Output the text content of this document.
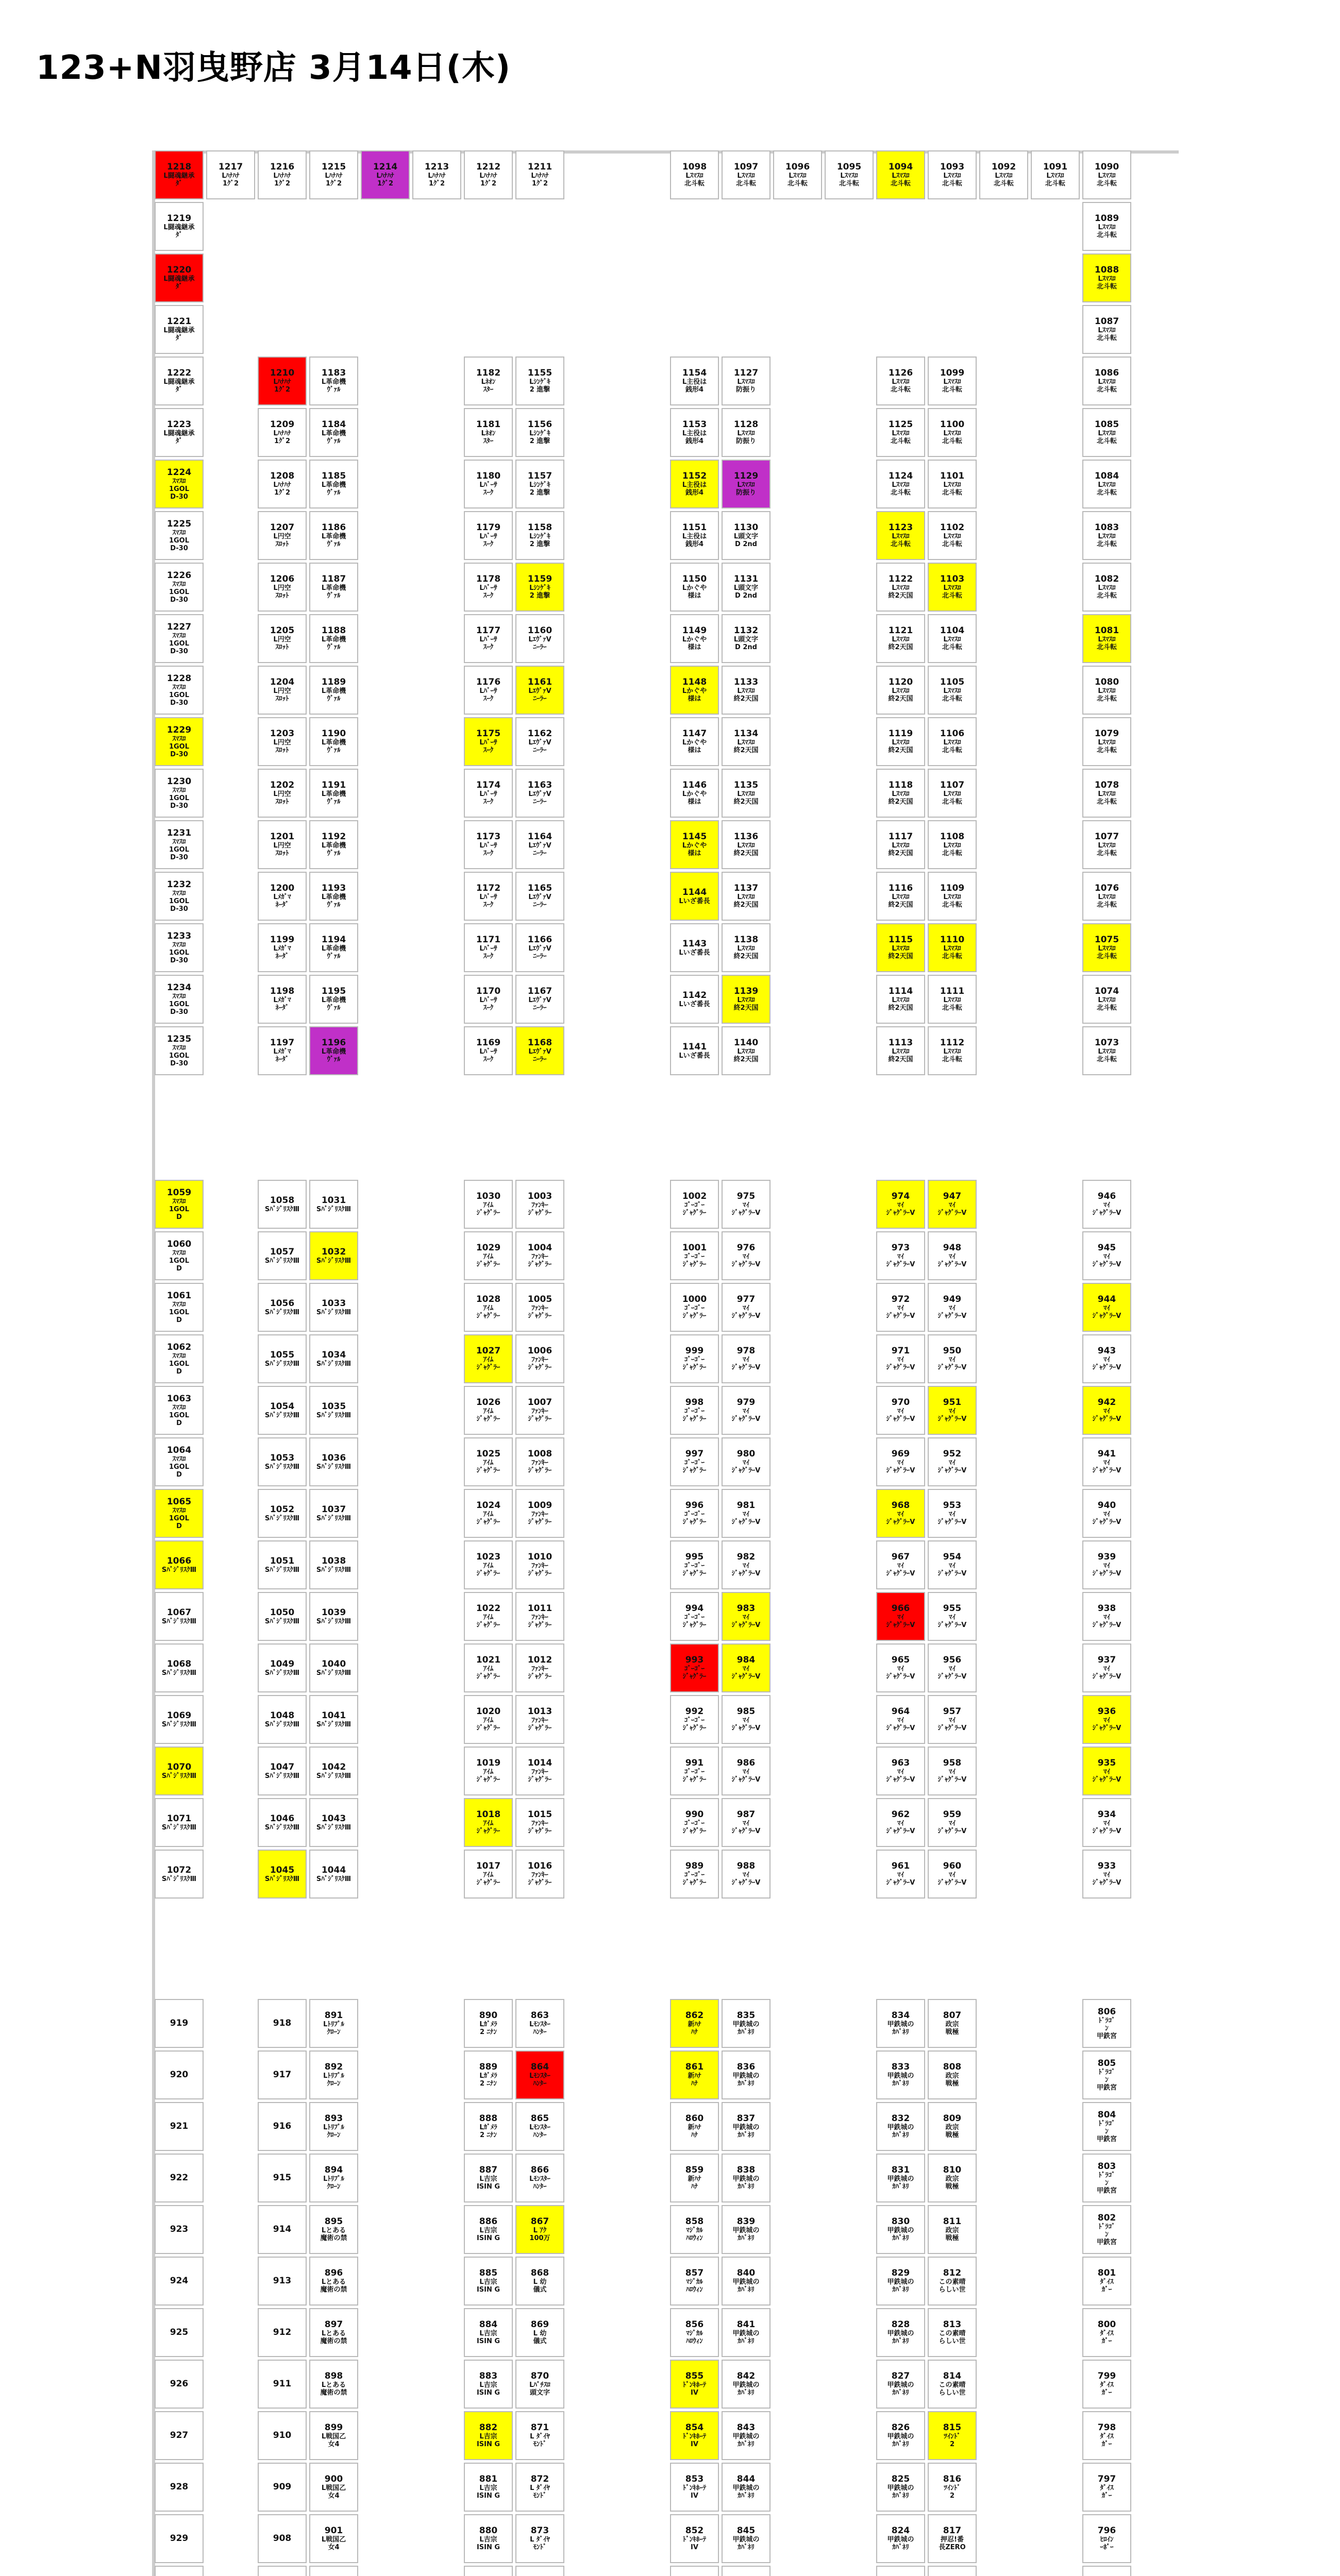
123+N羽曳野店 3月14日(木)
1217
Lﾊﾅﾊﾅ
1ｸﾞ2
1216
Lﾊﾅﾊﾅ
1ｸﾞ2
1215
Lﾊﾅﾊﾅ
1ｸﾞ2
1214
Lﾊﾅﾊﾅ
1ｸﾞ2
1213
Lﾊﾅﾊﾅ
1ｸﾞ2
1212
Lﾊﾅﾊﾅ
1ｸﾞ2
1211
Lﾊﾅﾊﾅ
1ｸﾞ2
1098
Lｽﾏｽﾛ
北斗転
1097
Lｽﾏｽﾛ
北斗転
1096
Lｽﾏｽﾛ
北斗転
1095
Lｽﾏｽﾛ
北斗転
1094
Lｽﾏｽﾛ
北斗転
1093
Lｽﾏｽﾛ
北斗転
1092
Lｽﾏｽﾛ
北斗転
1091
Lｽﾏｽﾛ
北斗転
1090
Lｽﾏｽﾛ
北斗転
1089
Lｽﾏｽﾛ
北斗転
1088
Lｽﾏｽﾛ
北斗転
1087
Lｽﾏｽﾛ
北斗転
1086
Lｽﾏｽﾛ
北斗転
1085
Lｽﾏｽﾛ
北斗転
1084
Lｽﾏｽﾛ
北斗転
1083
Lｽﾏｽﾛ
北斗転
1082
Lｽﾏｽﾛ
北斗転
1081
Lｽﾏｽﾛ
北斗転
1080
Lｽﾏｽﾛ
北斗転
1079
Lｽﾏｽﾛ
北斗転
1078
Lｽﾏｽﾛ
北斗転
1077
Lｽﾏｽﾛ
北斗転
1076
Lｽﾏｽﾛ
北斗転
1075
Lｽﾏｽﾛ
北斗転
1074
Lｽﾏｽﾛ
北斗転
1073
Lｽﾏｽﾛ
北斗転
1218
L闘魂継承
ﾀﾞ
1219
L闘魂継承
ﾀﾞ
1220
L闘魂継承
ﾀﾞ
1221
L闘魂継承
ﾀﾞ
1222
L闘魂継承
ﾀﾞ
1223
L闘魂継承
ﾀﾞ
1224
ｽﾏｽﾛ
1GOL
D-30
1225
ｽﾏｽﾛ
1GOL
D-30
1226
ｽﾏｽﾛ
1GOL
D-30
1227
ｽﾏｽﾛ
1GOL
D-30
1228
ｽﾏｽﾛ
1GOL
D-30
1229
ｽﾏｽﾛ
1GOL
D-30
1230
ｽﾏｽﾛ
1GOL
D-30
1231
ｽﾏｽﾛ
1GOL
D-30
1232
ｽﾏｽﾛ
1GOL
D-30
1233
ｽﾏｽﾛ
1GOL
D-30
1234
ｽﾏｽﾛ
1GOL
D-30
1235
ｽﾏｽﾛ
1GOL
D-30
1210
Lﾊﾅﾊﾅ
1ｸﾞ2
1209
Lﾊﾅﾊﾅ
1ｸﾞ2
1208
Lﾊﾅﾊﾅ
1ｸﾞ2
1207
L円空
ｽﾛｯﾄ
1206
L円空
ｽﾛｯﾄ
1205
L円空
ｽﾛｯﾄ
1204
L円空
ｽﾛｯﾄ
1203
L円空
ｽﾛｯﾄ
1202
L円空
ｽﾛｯﾄ
1201
L円空
ｽﾛｯﾄ
1200
Lﾒｶﾞﾏ
ﾈｰﾀﾞ
1199
Lﾒｶﾞﾏ
ﾈｰﾀﾞ
1198
Lﾒｶﾞﾏ
ﾈｰﾀﾞ
1197
Lﾒｶﾞﾏ
ﾈｰﾀﾞ
1183
L革命機
ｳﾞｧﾙ
1184
L革命機
ｳﾞｧﾙ
1185
L革命機
ｳﾞｧﾙ
1186
L革命機
ｳﾞｧﾙ
1187
L革命機
ｳﾞｧﾙ
1188
L革命機
ｳﾞｧﾙ
1189
L革命機
ｳﾞｧﾙ
1190
L革命機
ｳﾞｧﾙ
1191
L革命機
ｳﾞｧﾙ
1192
L革命機
ｳﾞｧﾙ
1193
L革命機
ｳﾞｧﾙ
1194
L革命機
ｳﾞｧﾙ
1195
L革命機
ｳﾞｧﾙ
1196
L革命機
ｳﾞｧﾙ
1182
Lﾈｵﾝ
ｽﾀｰ
1181
Lﾈｵﾝ
ｽﾀｰ
1180
Lﾊﾞｰｻ
ｽｰｸ
1179
Lﾊﾞｰｻ
ｽｰｸ
1178
Lﾊﾞｰｻ
ｽｰｸ
1177
Lﾊﾞｰｻ
ｽｰｸ
1176
Lﾊﾞｰｻ
ｽｰｸ
1175
Lﾊﾞｰｻ
ｽｰｸ
1174
Lﾊﾞｰｻ
ｽｰｸ
1173
Lﾊﾞｰｻ
ｽｰｸ
1172
Lﾊﾞｰｻ
ｽｰｸ
1171
Lﾊﾞｰｻ
ｽｰｸ
1170
Lﾊﾞｰｻ
ｽｰｸ
1169
Lﾊﾞｰｻ
ｽｰｸ
1155
Lｼﾝｹﾞｷ
2 進撃
1156
Lｼﾝｹﾞｷ
2 進撃
1157
Lｼﾝｹﾞｷ
2 進撃
1158
Lｼﾝｹﾞｷ
2 進撃
1159
Lｼﾝｹﾞｷ
2 進撃
1160
LｴｳﾞｧV
ﾆｰﾗｰ
1161
LｴｳﾞｧV
ﾆｰﾗｰ
1162
LｴｳﾞｧV
ﾆｰﾗｰ
1163
LｴｳﾞｧV
ﾆｰﾗｰ
1164
LｴｳﾞｧV
ﾆｰﾗｰ
1165
LｴｳﾞｧV
ﾆｰﾗｰ
1166
LｴｳﾞｧV
ﾆｰﾗｰ
1167
LｴｳﾞｧV
ﾆｰﾗｰ
1168
LｴｳﾞｧV
ﾆｰﾗｰ
1154
L主役は
銭形4
1153
L主役は
銭形4
1152
L主役は
銭形4
1151
L主役は
銭形4
1150
Lかぐや
様は
1149
Lかぐや
様は
1148
Lかぐや
様は
1147
Lかぐや
様は
1146
Lかぐや
様は
1145
Lかぐや
様は
1144
Lいざ番長
1143
Lいざ番長
1142
Lいざ番長
1141
Lいざ番長
1127
Lｽﾏｽﾛ
防振り
1128
Lｽﾏｽﾛ
防振り
1129
Lｽﾏｽﾛ
防振り
1130
L頭文字
D 2nd
1131
L頭文字
D 2nd
1132
L頭文字
D 2nd
1133
Lｽﾏｽﾛ
終2天国
1134
Lｽﾏｽﾛ
終2天国
1135
Lｽﾏｽﾛ
終2天国
1136
Lｽﾏｽﾛ
終2天国
1137
Lｽﾏｽﾛ
終2天国
1138
Lｽﾏｽﾛ
終2天国
1139
Lｽﾏｽﾛ
終2天国
1140
Lｽﾏｽﾛ
終2天国
1126
Lｽﾏｽﾛ
北斗転
1125
Lｽﾏｽﾛ
北斗転
1124
Lｽﾏｽﾛ
北斗転
1123
Lｽﾏｽﾛ
北斗転
1122
Lｽﾏｽﾛ
終2天国
1121
Lｽﾏｽﾛ
終2天国
1120
Lｽﾏｽﾛ
終2天国
1119
Lｽﾏｽﾛ
終2天国
1118
Lｽﾏｽﾛ
終2天国
1117
Lｽﾏｽﾛ
終2天国
1116
Lｽﾏｽﾛ
終2天国
1115
Lｽﾏｽﾛ
終2天国
1114
Lｽﾏｽﾛ
終2天国
1113
Lｽﾏｽﾛ
終2天国
1099
Lｽﾏｽﾛ
北斗転
1100
Lｽﾏｽﾛ
北斗転
1101
Lｽﾏｽﾛ
北斗転
1102
Lｽﾏｽﾛ
北斗転
1103
Lｽﾏｽﾛ
北斗転
1104
Lｽﾏｽﾛ
北斗転
1105
Lｽﾏｽﾛ
北斗転
1106
Lｽﾏｽﾛ
北斗転
1107
Lｽﾏｽﾛ
北斗転
1108
Lｽﾏｽﾛ
北斗転
1109
Lｽﾏｽﾛ
北斗転
1110
Lｽﾏｽﾛ
北斗転
1111
Lｽﾏｽﾛ
北斗転
1112
Lｽﾏｽﾛ
北斗転
1059
ｽﾏｽﾛ
1GOL
D
1060
ｽﾏｽﾛ
1GOL
D
1061
ｽﾏｽﾛ
1GOL
D
1062
ｽﾏｽﾛ
1GOL
D
1063
ｽﾏｽﾛ
1GOL
D
1064
ｽﾏｽﾛ
1GOL
D
1065
ｽﾏｽﾛ
1GOL
D
1066
SﾊﾞｼﾞﾘｽｸⅢ
1067
SﾊﾞｼﾞﾘｽｸⅢ
1068
SﾊﾞｼﾞﾘｽｸⅢ
1069
SﾊﾞｼﾞﾘｽｸⅢ
1070
SﾊﾞｼﾞﾘｽｸⅢ
1071
SﾊﾞｼﾞﾘｽｸⅢ
1072
SﾊﾞｼﾞﾘｽｸⅢ
1058
SﾊﾞｼﾞﾘｽｸⅢ
1057
SﾊﾞｼﾞﾘｽｸⅢ
1056
SﾊﾞｼﾞﾘｽｸⅢ
1055
SﾊﾞｼﾞﾘｽｸⅢ
1054
SﾊﾞｼﾞﾘｽｸⅢ
1053
SﾊﾞｼﾞﾘｽｸⅢ
1052
SﾊﾞｼﾞﾘｽｸⅢ
1051
SﾊﾞｼﾞﾘｽｸⅢ
1050
SﾊﾞｼﾞﾘｽｸⅢ
1049
SﾊﾞｼﾞﾘｽｸⅢ
1048
SﾊﾞｼﾞﾘｽｸⅢ
1047
SﾊﾞｼﾞﾘｽｸⅢ
1046
SﾊﾞｼﾞﾘｽｸⅢ
1045
SﾊﾞｼﾞﾘｽｸⅢ
1031
SﾊﾞｼﾞﾘｽｸⅢ
1032
SﾊﾞｼﾞﾘｽｸⅢ
1033
SﾊﾞｼﾞﾘｽｸⅢ
1034
SﾊﾞｼﾞﾘｽｸⅢ
1035
SﾊﾞｼﾞﾘｽｸⅢ
1036
SﾊﾞｼﾞﾘｽｸⅢ
1037
SﾊﾞｼﾞﾘｽｸⅢ
1038
SﾊﾞｼﾞﾘｽｸⅢ
1039
SﾊﾞｼﾞﾘｽｸⅢ
1040
SﾊﾞｼﾞﾘｽｸⅢ
1041
SﾊﾞｼﾞﾘｽｸⅢ
1042
SﾊﾞｼﾞﾘｽｸⅢ
1043
SﾊﾞｼﾞﾘｽｸⅢ
1044
SﾊﾞｼﾞﾘｽｸⅢ
1030
ｱｲﾑ
ｼﾞｬｸﾞﾗｰ
1029
ｱｲﾑ
ｼﾞｬｸﾞﾗｰ
1028
ｱｲﾑ
ｼﾞｬｸﾞﾗｰ
1027
ｱｲﾑ
ｼﾞｬｸﾞﾗｰ
1026
ｱｲﾑ
ｼﾞｬｸﾞﾗｰ
1025
ｱｲﾑ
ｼﾞｬｸﾞﾗｰ
1024
ｱｲﾑ
ｼﾞｬｸﾞﾗｰ
1023
ｱｲﾑ
ｼﾞｬｸﾞﾗｰ
1022
ｱｲﾑ
ｼﾞｬｸﾞﾗｰ
1021
ｱｲﾑ
ｼﾞｬｸﾞﾗｰ
1020
ｱｲﾑ
ｼﾞｬｸﾞﾗｰ
1019
ｱｲﾑ
ｼﾞｬｸﾞﾗｰ
1018
ｱｲﾑ
ｼﾞｬｸﾞﾗｰ
1017
ｱｲﾑ
ｼﾞｬｸﾞﾗｰ
1003
ﾌｧﾝｷｰ
ｼﾞｬｸﾞﾗｰ
1004
ﾌｧﾝｷｰ
ｼﾞｬｸﾞﾗｰ
1005
ﾌｧﾝｷｰ
ｼﾞｬｸﾞﾗｰ
1006
ﾌｧﾝｷｰ
ｼﾞｬｸﾞﾗｰ
1007
ﾌｧﾝｷｰ
ｼﾞｬｸﾞﾗｰ
1008
ﾌｧﾝｷｰ
ｼﾞｬｸﾞﾗｰ
1009
ﾌｧﾝｷｰ
ｼﾞｬｸﾞﾗｰ
1010
ﾌｧﾝｷｰ
ｼﾞｬｸﾞﾗｰ
1011
ﾌｧﾝｷｰ
ｼﾞｬｸﾞﾗｰ
1012
ﾌｧﾝｷｰ
ｼﾞｬｸﾞﾗｰ
1013
ﾌｧﾝｷｰ
ｼﾞｬｸﾞﾗｰ
1014
ﾌｧﾝｷｰ
ｼﾞｬｸﾞﾗｰ
1015
ﾌｧﾝｷｰ
ｼﾞｬｸﾞﾗｰ
1016
ﾌｧﾝｷｰ
ｼﾞｬｸﾞﾗｰ
1002
ｺﾞｰｺﾞｰ
ｼﾞｬｸﾞﾗｰ
1001
ｺﾞｰｺﾞｰ
ｼﾞｬｸﾞﾗｰ
1000
ｺﾞｰｺﾞｰ
ｼﾞｬｸﾞﾗｰ
999
ｺﾞｰｺﾞｰ
ｼﾞｬｸﾞﾗｰ
998
ｺﾞｰｺﾞｰ
ｼﾞｬｸﾞﾗｰ
997
ｺﾞｰｺﾞｰ
ｼﾞｬｸﾞﾗｰ
996
ｺﾞｰｺﾞｰ
ｼﾞｬｸﾞﾗｰ
995
ｺﾞｰｺﾞｰ
ｼﾞｬｸﾞﾗｰ
994
ｺﾞｰｺﾞｰ
ｼﾞｬｸﾞﾗｰ
993
ｺﾞｰｺﾞｰ
ｼﾞｬｸﾞﾗｰ
992
ｺﾞｰｺﾞｰ
ｼﾞｬｸﾞﾗｰ
991
ｺﾞｰｺﾞｰ
ｼﾞｬｸﾞﾗｰ
990
ｺﾞｰｺﾞｰ
ｼﾞｬｸﾞﾗｰ
989
ｺﾞｰｺﾞｰ
ｼﾞｬｸﾞﾗｰ
975
ﾏｲ
ｼﾞｬｸﾞﾗｰV
976
ﾏｲ
ｼﾞｬｸﾞﾗｰV
977
ﾏｲ
ｼﾞｬｸﾞﾗｰV
978
ﾏｲ
ｼﾞｬｸﾞﾗｰV
979
ﾏｲ
ｼﾞｬｸﾞﾗｰV
980
ﾏｲ
ｼﾞｬｸﾞﾗｰV
981
ﾏｲ
ｼﾞｬｸﾞﾗｰV
982
ﾏｲ
ｼﾞｬｸﾞﾗｰV
983
ﾏｲ
ｼﾞｬｸﾞﾗｰV
984
ﾏｲ
ｼﾞｬｸﾞﾗｰV
985
ﾏｲ
ｼﾞｬｸﾞﾗｰV
986
ﾏｲ
ｼﾞｬｸﾞﾗｰV
987
ﾏｲ
ｼﾞｬｸﾞﾗｰV
988
ﾏｲ
ｼﾞｬｸﾞﾗｰV
974
ﾏｲ
ｼﾞｬｸﾞﾗｰV
973
ﾏｲ
ｼﾞｬｸﾞﾗｰV
972
ﾏｲ
ｼﾞｬｸﾞﾗｰV
971
ﾏｲ
ｼﾞｬｸﾞﾗｰV
970
ﾏｲ
ｼﾞｬｸﾞﾗｰV
969
ﾏｲ
ｼﾞｬｸﾞﾗｰV
968
ﾏｲ
ｼﾞｬｸﾞﾗｰV
967
ﾏｲ
ｼﾞｬｸﾞﾗｰV
966
ﾏｲ
ｼﾞｬｸﾞﾗｰV
965
ﾏｲ
ｼﾞｬｸﾞﾗｰV
964
ﾏｲ
ｼﾞｬｸﾞﾗｰV
963
ﾏｲ
ｼﾞｬｸﾞﾗｰV
962
ﾏｲ
ｼﾞｬｸﾞﾗｰV
961
ﾏｲ
ｼﾞｬｸﾞﾗｰV
947
ﾏｲ
ｼﾞｬｸﾞﾗｰV
948
ﾏｲ
ｼﾞｬｸﾞﾗｰV
949
ﾏｲ
ｼﾞｬｸﾞﾗｰV
950
ﾏｲ
ｼﾞｬｸﾞﾗｰV
951
ﾏｲ
ｼﾞｬｸﾞﾗｰV
952
ﾏｲ
ｼﾞｬｸﾞﾗｰV
953
ﾏｲ
ｼﾞｬｸﾞﾗｰV
954
ﾏｲ
ｼﾞｬｸﾞﾗｰV
955
ﾏｲ
ｼﾞｬｸﾞﾗｰV
956
ﾏｲ
ｼﾞｬｸﾞﾗｰV
957
ﾏｲ
ｼﾞｬｸﾞﾗｰV
958
ﾏｲ
ｼﾞｬｸﾞﾗｰV
959
ﾏｲ
ｼﾞｬｸﾞﾗｰV
960
ﾏｲ
ｼﾞｬｸﾞﾗｰV
946
ﾏｲ
ｼﾞｬｸﾞﾗｰV
945
ﾏｲ
ｼﾞｬｸﾞﾗｰV
944
ﾏｲ
ｼﾞｬｸﾞﾗｰV
943
ﾏｲ
ｼﾞｬｸﾞﾗｰV
942
ﾏｲ
ｼﾞｬｸﾞﾗｰV
941
ﾏｲ
ｼﾞｬｸﾞﾗｰV
940
ﾏｲ
ｼﾞｬｸﾞﾗｰV
939
ﾏｲ
ｼﾞｬｸﾞﾗｰV
938
ﾏｲ
ｼﾞｬｸﾞﾗｰV
937
ﾏｲ
ｼﾞｬｸﾞﾗｰV
936
ﾏｲ
ｼﾞｬｸﾞﾗｰV
935
ﾏｲ
ｼﾞｬｸﾞﾗｰV
934
ﾏｲ
ｼﾞｬｸﾞﾗｰV
933
ﾏｲ
ｼﾞｬｸﾞﾗｰV
919
920
921
922
923
924
925
926
927
928
929
918
917
916
915
914
913
912
911
910
909
908
891
Lﾄﾘﾌﾟﾙ
ｸﾛｰﾝ
892
Lﾄﾘﾌﾟﾙ
ｸﾛｰﾝ
893
Lﾄﾘﾌﾟﾙ
ｸﾛｰﾝ
894
Lﾄﾘﾌﾟﾙ
ｸﾛｰﾝ
895
Lとある
魔術の禁
896
Lとある
魔術の禁
897
Lとある
魔術の禁
898
Lとある
魔術の禁
899
L戦国乙
女4
900
L戦国乙
女4
901
L戦国乙
女4
890
Lｶﾞﾒﾗ
2 ﾆﾅﾝ
889
Lｶﾞﾒﾗ
2 ﾆﾅﾝ
888
Lｶﾞﾒﾗ
2 ﾆﾅﾝ
887
L吉宗
ISIN G
886
L吉宗
ISIN G
885
L吉宗
ISIN G
884
L吉宗
ISIN G
883
L吉宗
ISIN G
882
L吉宗
ISIN G
881
L吉宗
ISIN G
880
L吉宗
ISIN G
863
Lﾓﾝｽﾀｰ
ﾊﾝﾀｰ
864
Lﾓﾝｽﾀｰ
ﾊﾝﾀｰ
865
Lﾓﾝｽﾀｰ
ﾊﾝﾀｰ
866
Lﾓﾝｽﾀｰ
ﾊﾝﾀｰ
867
L ｱｸ
100万
868
L 幼
儀式
869
L 幼
儀式
870
Lﾊﾟﾁｽﾛ
頭文字
871
L ﾀﾞｲﾔ
ﾓﾝﾄﾞ
872
L ﾀﾞｲﾔ
ﾓﾝﾄﾞ
873
L ﾀﾞｲﾔ
ﾓﾝﾄﾞ
862
新ﾊﾅ
ﾊﾅ
861
新ﾊﾅ
ﾊﾅ
860
新ﾊﾅ
ﾊﾅ
859
新ﾊﾅ
ﾊﾅ
858
ﾏｼﾞｶﾙ
ﾊﾛｳｨﾝ
857
ﾏｼﾞｶﾙ
ﾊﾛｳｨﾝ
856
ﾏｼﾞｶﾙ
ﾊﾛｳｨﾝ
855
ﾄﾞﾝｷﾎｰﾃ
IV
854
ﾄﾞﾝｷﾎｰﾃ
IV
853
ﾄﾞﾝｷﾎｰﾃ
IV
852
ﾄﾞﾝｷﾎｰﾃ
IV
835
甲鉄城の
ｶﾊﾞﾈﾘ
836
甲鉄城の
ｶﾊﾞﾈﾘ
837
甲鉄城の
ｶﾊﾞﾈﾘ
838
甲鉄城の
ｶﾊﾞﾈﾘ
839
甲鉄城の
ｶﾊﾞﾈﾘ
840
甲鉄城の
ｶﾊﾞﾈﾘ
841
甲鉄城の
ｶﾊﾞﾈﾘ
842
甲鉄城の
ｶﾊﾞﾈﾘ
843
甲鉄城の
ｶﾊﾞﾈﾘ
844
甲鉄城の
ｶﾊﾞﾈﾘ
845
甲鉄城の
ｶﾊﾞﾈﾘ
834
甲鉄城の
ｶﾊﾞﾈﾘ
833
甲鉄城の
ｶﾊﾞﾈﾘ
832
甲鉄城の
ｶﾊﾞﾈﾘ
831
甲鉄城の
ｶﾊﾞﾈﾘ
830
甲鉄城の
ｶﾊﾞﾈﾘ
829
甲鉄城の
ｶﾊﾞﾈﾘ
828
甲鉄城の
ｶﾊﾞﾈﾘ
827
甲鉄城の
ｶﾊﾞﾈﾘ
826
甲鉄城の
ｶﾊﾞﾈﾘ
825
甲鉄城の
ｶﾊﾞﾈﾘ
824
甲鉄城の
ｶﾊﾞﾈﾘ
807
政宗
戦極
808
政宗
戦極
809
政宗
戦極
810
政宗
戦極
811
政宗
戦極
812
この素晴
らしい世
813
この素晴
らしい世
814
この素晴
らしい世
815
ﾂｲﾝﾄﾞ
2
816
ﾂｲﾝﾄﾞ
2
817
押忍!番
長ZERO
806
ﾄﾞﾗｺﾞ
ﾝ
甲鉄宮
805
ﾄﾞﾗｺﾞ
ﾝ
甲鉄宮
804
ﾄﾞﾗｺﾞ
ﾝ
甲鉄宮
803
ﾄﾞﾗｺﾞ
ﾝ
甲鉄宮
802
ﾄﾞﾗｺﾞ
ﾝ
甲鉄宮
801
ﾀﾞｲｽ
ｶﾞｰ
800
ﾀﾞｲｽ
ｶﾞｰ
799
ﾀﾞｲｽ
ｶﾞｰ
798
ﾀﾞｲｽ
ｶﾞｰ
797
ﾀﾞｲｽ
ｶﾞｰ
796
ﾋﾛｲﾝ
ｰﾎﾟｰ
